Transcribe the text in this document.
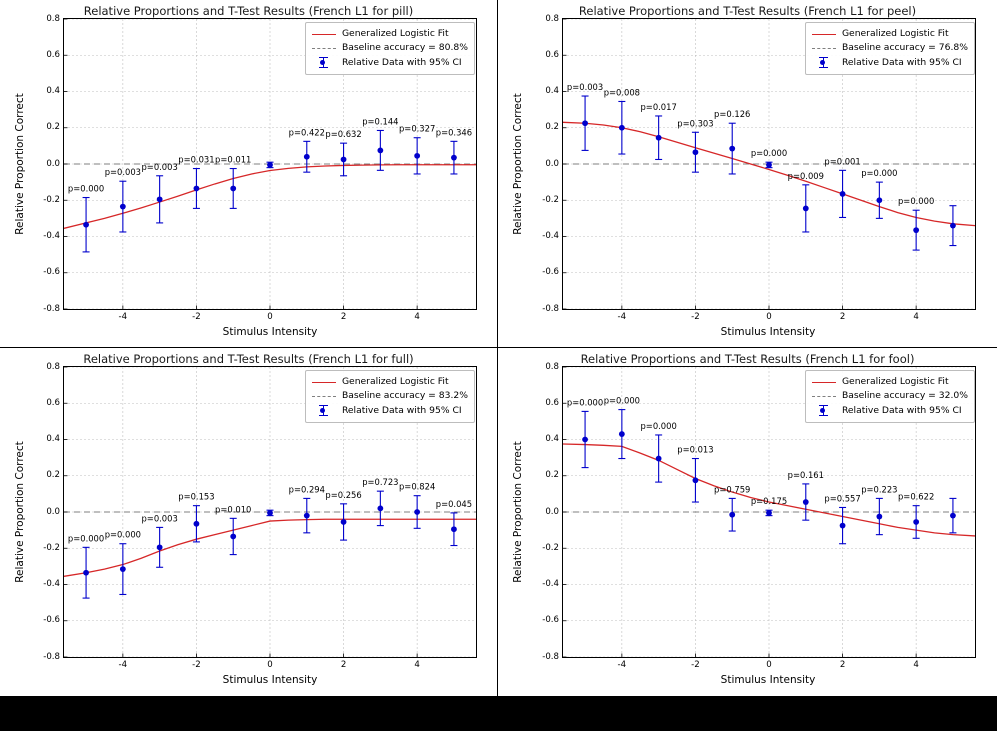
Relative Proportions and T-Test Results (French L1 for pill)
Relative Proportion Correct
Stimulus Intensity
p=0.000
p=0.003
p=0.003
p=0.031 p=0.011
p=0.422 p=0.632
p=0.144
p=0.327 p=0.346
Generalized Logistic Fit
Baseline accuracy = 80.8%
Relative Data with 95% CI
-4	-2	0	2	4
-0.8
-0.6
-0.4
-0.2
0.0
0.2
0.4
0.6
0.8
Relative Proportions and T-Test Results (French L1 for peel)
Relative Proportion Correct
Stimulus Intensity
p=0.003
p=0.008
p=0.017
p=0.303
p=0.126
p=0.000
p=0.009
p=0.001
p=0.000
p=0.000
Generalized Logistic Fit
Baseline accuracy = 76.8%
Relative Data with 95% CI
-4	-2	0	2	4
-0.8
-0.6
-0.4
-0.2
0.0
0.2
0.4
0.6
0.8
Relative Proportions and T-Test Results (French L1 for full)
Relative Proportion Correct
Stimulus Intensity
p=0.000 p=0.000
p=0.003
p=0.153
p=0.010
p=0.294
p=0.256
p=0.723 p=0.824
p=0.045
Generalized Logistic Fit
Baseline accuracy = 83.2%
Relative Data with 95% CI
-4	-2	0	2	4
-0.8
-0.6
-0.4
-0.2
0.0
0.2
0.4
0.6
0.8
Relative Proportions and T-Test Results (French L1 for fool)
Relative Proportion Correct
Stimulus Intensity
p=0.000 p=0.000
p=0.000
p=0.013
p=0.759
p=0.175
p=0.161
p=0.557
p=0.223
p=0.622
Generalized Logistic Fit
Baseline accuracy = 32.0%
Relative Data with 95% CI
-4	-2	0	2	4
-0.8
-0.6
-0.4
-0.2
0.0
0.2
0.4
0.6
0.8
